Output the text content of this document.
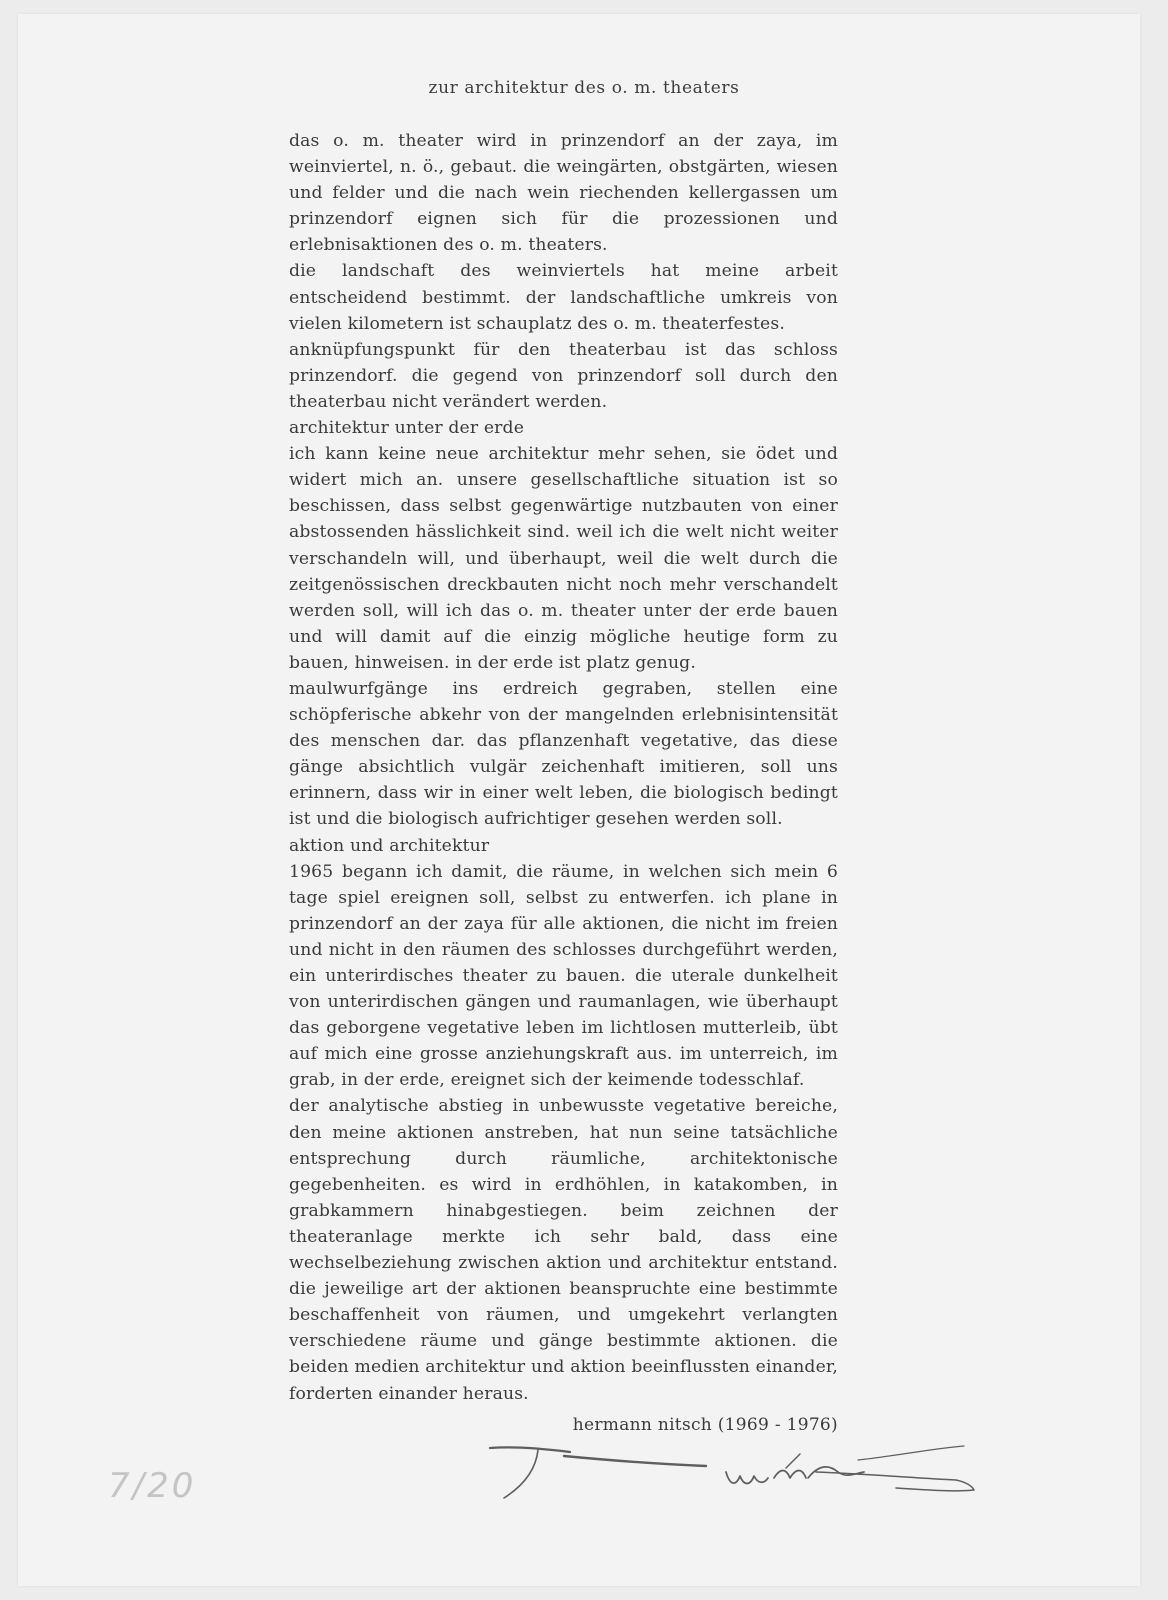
zur architektur des o. m. theaters

das o. m. theater wird in prinzendorf an der zaya, im weinviertel, n. ö., gebaut. die weingärten, obstgärten, wiesen und felder und die nach wein riechenden kellergassen um prinzendorf eignen sich für die prozessionen und erlebnisaktionen des o. m. theaters.

die landschaft des weinviertels hat meine arbeit entscheidend bestimmt. der landschaftliche umkreis von vielen kilometern ist schauplatz des o. m. theaterfestes.

anknüpfungspunkt für den theaterbau ist das schloss prinzendorf. die gegend von prinzendorf soll durch den theaterbau nicht verändert werden.

architektur unter der erde

ich kann keine neue architektur mehr sehen, sie ödet und widert mich an. unsere gesellschaftliche situation ist so beschissen, dass selbst gegenwärtige nutzbauten von einer abstossenden hässlichkeit sind. weil ich die welt nicht weiter verschandeln will, und überhaupt, weil die welt durch die zeitgenössischen dreckbauten nicht noch mehr verschandelt werden soll, will ich das o. m. theater unter der erde bauen und will damit auf die einzig mögliche heutige form zu bauen, hinweisen. in der erde ist platz genug.

maulwurfgänge ins erdreich gegraben, stellen eine schöpferische abkehr von der mangelnden erlebnisintensität des menschen dar. das pflanzenhaft vegetative, das diese gänge absichtlich vulgär zeichenhaft imitieren, soll uns erinnern, dass wir in einer welt leben, die biologisch bedingt ist und die biologisch aufrichtiger gesehen werden soll.

aktion und architektur

1965 begann ich damit, die räume, in welchen sich mein 6 tage spiel ereignen soll, selbst zu entwerfen. ich plane in prinzendorf an der zaya für alle aktionen, die nicht im freien und nicht in den räumen des schlosses durchgeführt werden, ein unterirdisches theater zu bauen. die uterale dunkelheit von unterirdischen gängen und raumanlagen, wie überhaupt das geborgene vegetative leben im lichtlosen mutterleib, übt auf mich eine grosse anziehungskraft aus. im unterreich, im grab, in der erde, ereignet sich der keimende todesschlaf.

der analytische abstieg in unbewusste vegetative bereiche, den meine aktionen anstreben, hat nun seine tatsächliche entsprechung durch räumliche, architektonische gegebenheiten. es wird in erdhöhlen, in katakomben, in grabkammern hinabgestiegen. beim zeichnen der theateranlage merkte ich sehr bald, dass eine wechselbeziehung zwischen aktion und architektur entstand. die jeweilige art der aktionen beanspruchte eine bestimmte beschaffenheit von räumen, und umgekehrt verlangten verschiedene räume und gänge bestimmte aktionen. die beiden medien architektur und aktion beeinflussten einander, forderten einander heraus.

hermann nitsch (1969 - 1976)
7/20
